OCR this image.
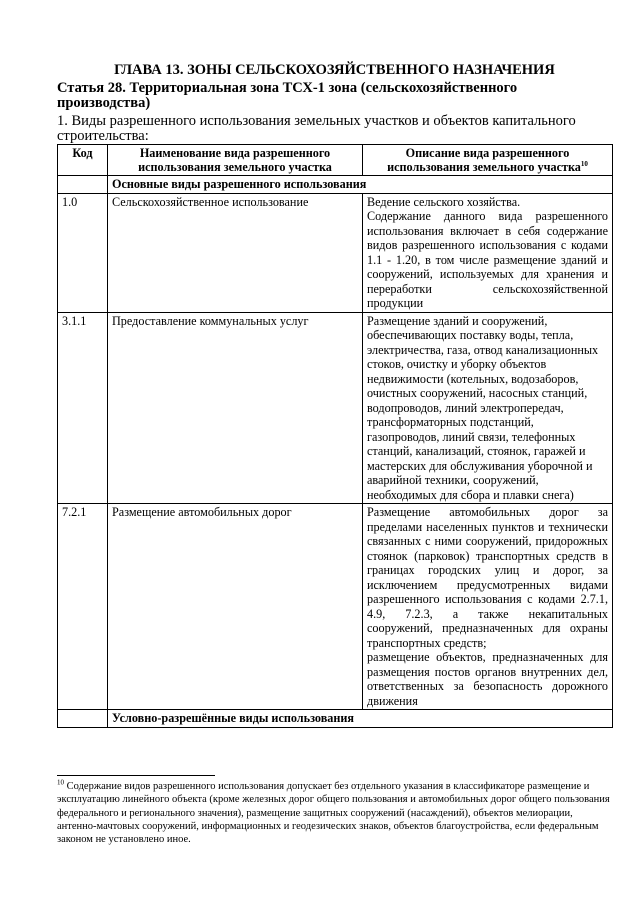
ГЛАВА 13. ЗОНЫ СЕЛЬСКОХОЗЯЙСТВЕННОГО НАЗНАЧЕНИЯ

Статья 28. Территориальная зона ТСХ-1 зона (сельскохозяйственного
производства)

1. Виды разрешенного использования земельных участков и объектов капитального строительства:

Код	Наименование вида разрешенного использования земельного участка	Описание вида разрешенного использования земельного участка$^{10}$
	Основные виды разрешенного использования	
1.0	Сельскохозяйственное использование	Ведение сельского хозяйства.
Содержание данного вида разрешенного использования включает в себя содержание видов разрешенного использования с кодами 1.1 - 1.20, в том числе размещение зданий и сооружений, используемых для хранения и переработки сельскохозяйственной продукции

3.1.1	Предоставление коммунальных услуг	Размещение зданий и сооружений, обеспечивающих поставку воды, тепла, электричества, газа, отвод канализационных стоков, очистку и уборку объектов недвижимости (котельных, водозаборов, очистных сооружений, насосных станций, водопроводов, линий электропередач, трансформаторных подстанций, газопроводов, линий связи, телефонных станций, канализаций, стоянок, гаражей и мастерских для обслуживания уборочной и аварийной техники, сооружений, необходимых для сбора и плавки снега)

7.2.1	Размещение автомобильных дорог	Размещение автомобильных дорог за пределами населенных пунктов и технически связанных с ними сооружений, придорожных стоянок (парковок) транспортных средств в границах городских улиц и дорог, за исключением предусмотренных видами разрешенного использования с кодами 2.7.1, 4.9, 7.2.3, а также некапитальных сооружений, предназначенных для охраны транспортных средств;
размещение объектов, предназначенных для размещения постов органов внутренних дел, ответственных за безопасность дорожного движения

	Условно-разрешённые виды использования	
$^{10}$ Содержание видов разрешенного использования допускает без отдельного указания в классификаторе размещение и эксплуатацию линейного объекта (кроме железных дорог общего пользования и автомобильных дорог общего пользования федерального и регионального значения), размещение защитных сооружений (насаждений), объектов мелиорации, антенно-мачтовых сооружений, информационных и геодезических знаков, объектов благоустройства, если федеральным законом не установлено иное.
